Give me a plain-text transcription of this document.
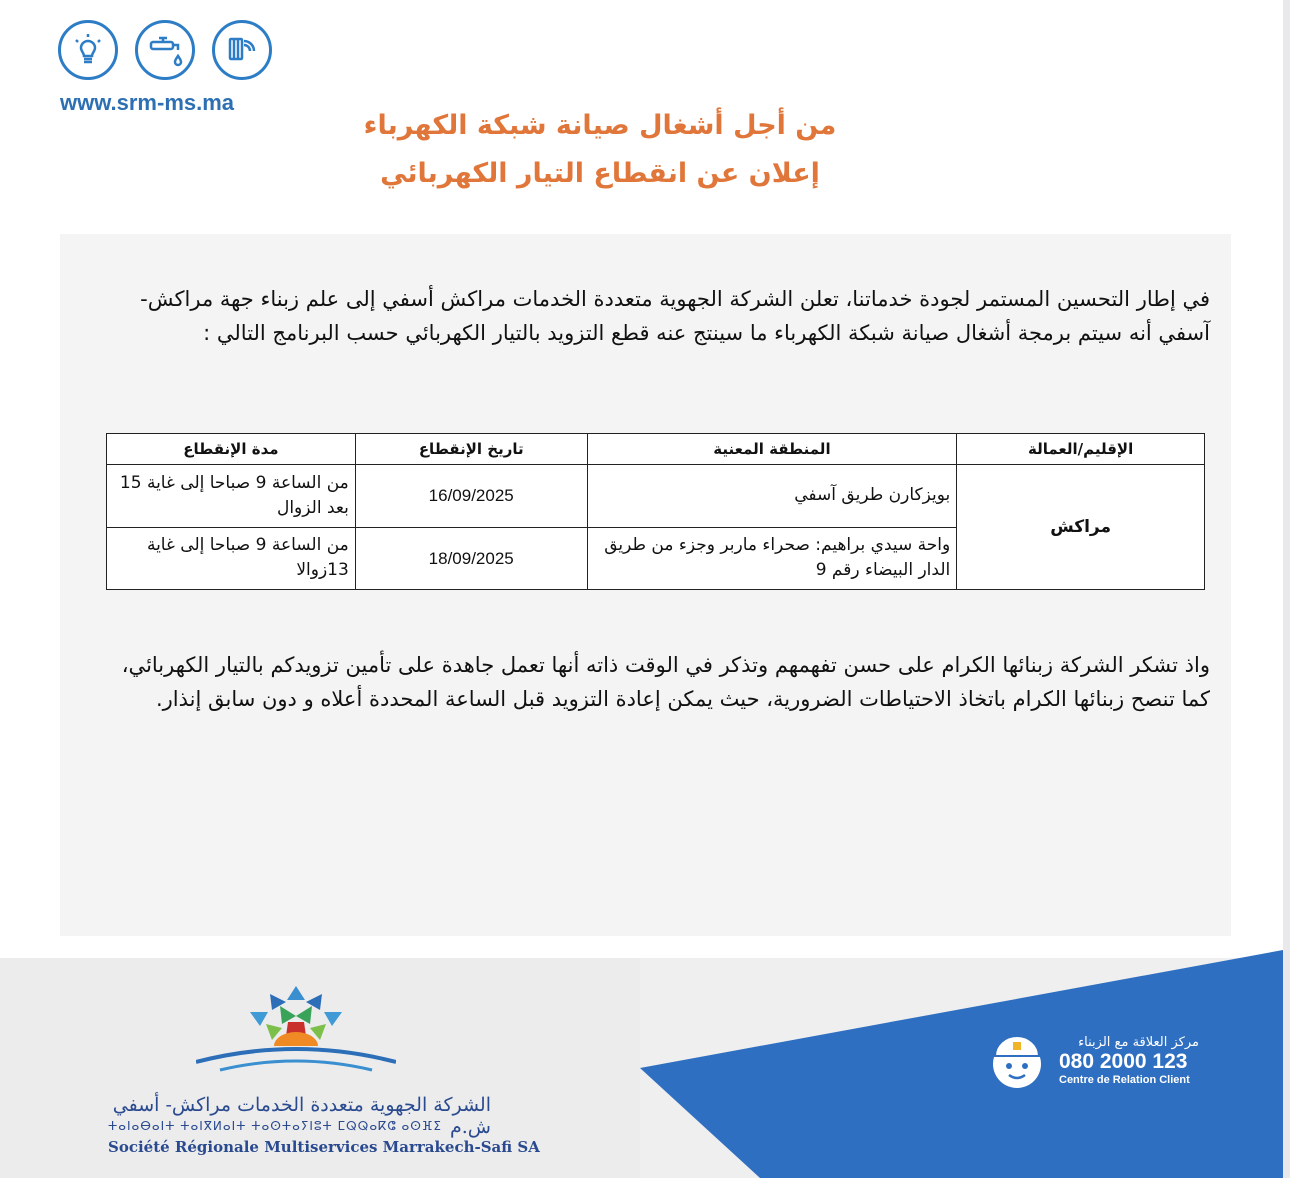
www.srm-ms.ma
من أجل أشغال صيانة شبكة الكهرباء
إعلان عن انقطاع التيار الكهربائي

في إطار التحسين المستمر لجودة خدماتنا، تعلن الشركة الجهوية متعددة الخدمات مراكش أسفي إلى علم زبناء جهة مراكش- آسفي أنه سيتم برمجة أشغال صيانة شبكة الكهرباء ما سينتج عنه قطع التزويد بالتيار الكهربائي حسب البرنامج التالي :

الإقليم/العمالة	المنطقة المعنية	تاريخ الإنقطاع	مدة الإنقطاع
مراكش	بويزكارن طريق آسفي	16/09/2025	من الساعة 9 صباحا إلى غاية 15 بعد الزوال
	واحة سيدي براهيم: صحراء ماربر وجزء من طريق الدار البيضاء رقم 9	18/09/2025	من الساعة 9 صباحا إلى غاية 13زوالا

واذ تشكر الشركة زبنائها الكرام على حسن تفهمهم وتذكر في الوقت ذاته أنها تعمل جاهدة على تأمين تزويدكم بالتيار الكهربائي، كما تنصح زبنائها الكرام باتخاذ الاحتياطات الضرورية، حيث يمكن إعادة التزويد قبل الساعة المحددة أعلاه و دون سابق إنذار.

الشركة الجهوية متعددة الخدمات مراكش- أسفي ش.م
ⵜⴰⵏⴰⴱⴰⵏⵜ ⵜⴰⵏⴳⵍⴰⵏⵜ ⵜⴰⵙⵜⴰⵢⵏⵓⵜ ⵎⵕⵕⴰⴽⵛ ⴰⵙⴼⵉ
Société Régionale Multiservices Marrakech-Safi SA
مركز العلاقة مع الزبناء
080 2000 123
Centre de Relation Client
